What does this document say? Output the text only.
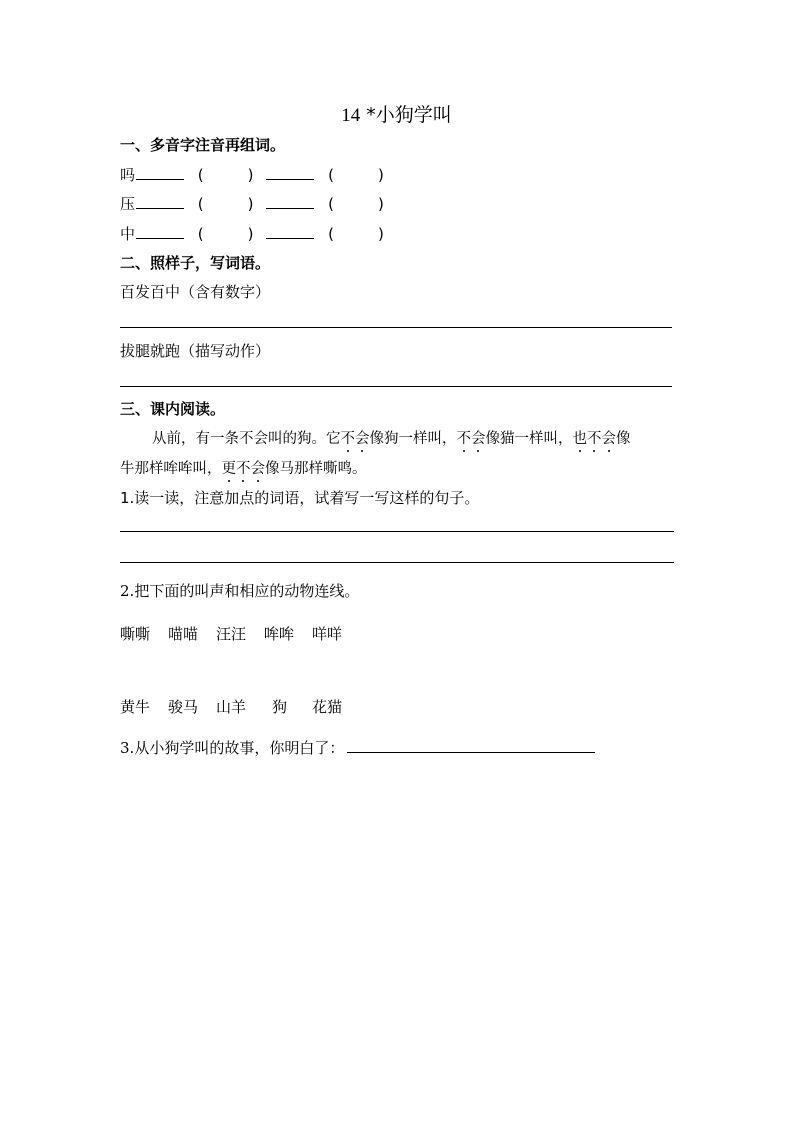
14 *小狗学叫
一、多音字注音再组词。
吗	(	)	(	)
压	(	)	(	)
中	(	)	(	)
二、照样子，写词语。
百发百中（含有数字）
拔腿就跑（描写动作）
三、课内阅读。
从前，有一条不会叫的狗。它不会像狗一样叫，不会像猫一样叫，也不会像
牛那样哞哞叫，更不会像马那样嘶鸣。
1.读一读，注意加点的词语，试着写一写这样的句子。
2.把下面的叫声和相应的动物连线。
嘶嘶 喵喵 汪汪 哞哞 咩咩
黄牛 骏马 山羊 狗 花猫
3.从小狗学叫的故事，你明白了：
